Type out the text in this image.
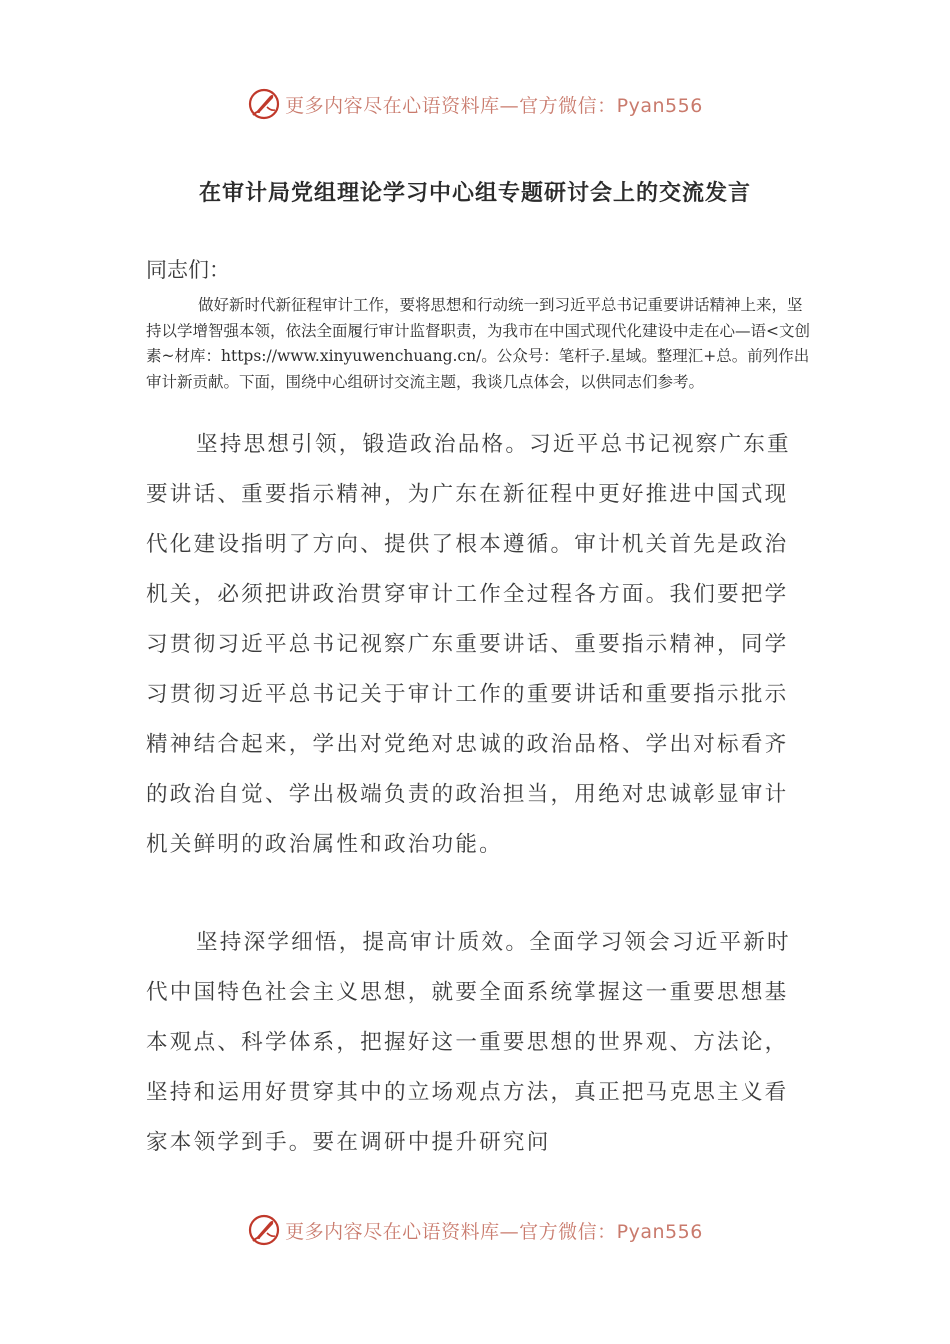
更多内容尽在心语资料库—官方微信：Pyan556
在审计局党组理论学习中心组专题研讨会上的交流发言
同志们：

做好新时代新征程审计工作，要将思想和行动统一到习近平总书记重要讲话精神上来，坚持以学增智强本领，依法全面履行审计监督职责，为我市在中国式现代化建设中走在心—语<文创素~材库：https://www.xinyuwenchuang.cn/。公众号：笔杆子.星域。整理汇+总。前列作出审计新贡献。下面，围绕中心组研讨交流主题，我谈几点体会，以供同志们参考。

坚持思想引领，锻造政治品格。习近平总书记视察广东重要讲话、重要指示精神，为广东在新征程中更好推进中国式现代化建设指明了方向、提供了根本遵循。审计机关首先是政治机关，必须把讲政治贯穿审计工作全过程各方面。我们要把学习贯彻习近平总书记视察广东重要讲话、重要指示精神，同学习贯彻习近平总书记关于审计工作的重要讲话和重要指示批示精神结合起来，学出对党绝对忠诚的政治品格、学出对标看齐的政治自觉、学出极端负责的政治担当，用绝对忠诚彰显审计机关鲜明的政治属性和政治功能。

坚持深学细悟，提高审计质效。全面学习领会习近平新时代中国特色社会主义思想，就要全面系统掌握这一重要思想基本观点、科学体系，把握好这一重要思想的世界观、方法论，坚持和运用好贯穿其中的立场观点方法，真正把马克思主义看家本领学到手。要在调研中提升研究问

更多内容尽在心语资料库—官方微信：Pyan556
